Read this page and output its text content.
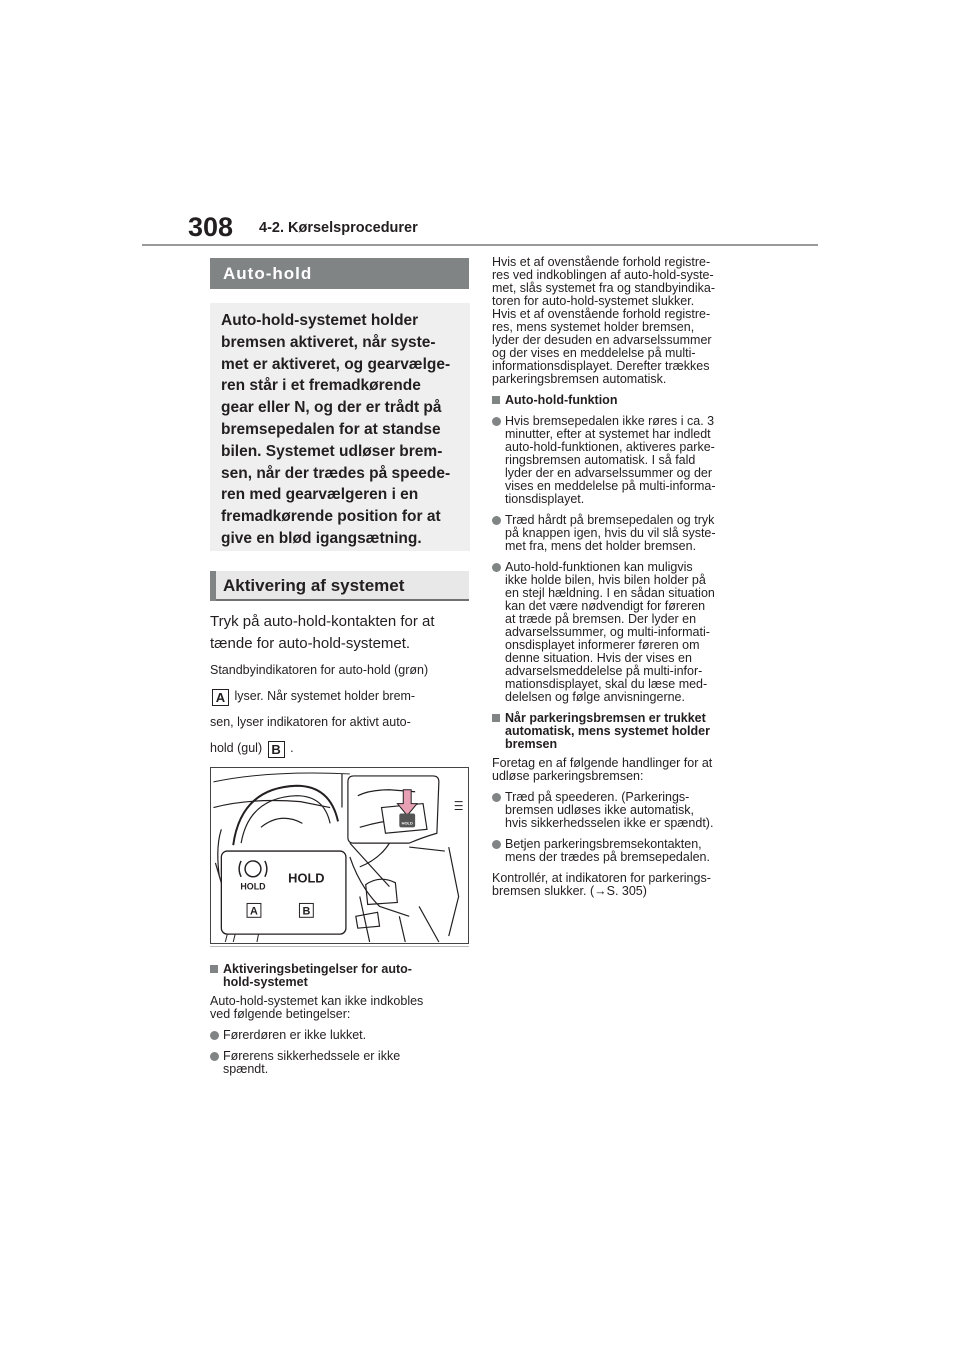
308 4-2. Kørselsprocedurer
Auto-hold
Auto-hold-systemet holder
bremsen aktiveret, når syste-
met er aktiveret, og gearvælge-
ren står i et fremadkørende
gear eller N, og der er trådt på
bremsepedalen for at standse
bilen. Systemet udløser brem-
sen, når der trædes på speede-
ren med gearvælgeren i en
fremadkørende position for at
give en blød igangsætning.
Aktivering af systemet
Tryk på auto-hold-kontakten for at
tænde for auto-hold-systemet.
Standbyindikatoren for auto-hold (grøn)
A lyser. Når systemet holder brem-
sen, lyser indikatoren for aktivt auto-
hold (gul) B .
HOLD
HOLD
HOLD
A	B
Aktiveringsbetingelser for auto-
hold-systemet
Auto-hold-systemet kan ikke indkobles
ved følgende betingelser:
Førerdøren er ikke lukket.
Førerens sikkerhedssele er ikke
spændt.
Hvis et af ovenstående forhold registre-
res ved indkoblingen af auto-hold-syste-
met, slås systemet fra og standbyindika-
toren for auto-hold-systemet slukker.
Hvis et af ovenstående forhold registre-
res, mens systemet holder bremsen,
lyder der desuden en advarselssummer
og der vises en meddelelse på multi-
informationsdisplayet. Derefter trækkes
parkeringsbremsen automatisk.
Auto-hold-funktion
Hvis bremsepedalen ikke røres i ca. 3
minutter, efter at systemet har indledt
auto-hold-funktionen, aktiveres parke-
ringsbremsen automatisk. I så fald
lyder der en advarselssummer og der
vises en meddelelse på multi-informa-
tionsdisplayet.
Træd hårdt på bremsepedalen og tryk
på knappen igen, hvis du vil slå syste-
met fra, mens det holder bremsen.
Auto-hold-funktionen kan muligvis
ikke holde bilen, hvis bilen holder på
en stejl hældning. I en sådan situation
kan det være nødvendigt for føreren
at træde på bremsen. Der lyder en
advarselssummer, og multi-informati-
onsdisplayet informerer føreren om
denne situation. Hvis der vises en
advarselsmeddelelse på multi-infor-
mationsdisplayet, skal du læse med-
delelsen og følge anvisningerne.
Når parkeringsbremsen er trukket
automatisk, mens systemet holder
bremsen
Foretag en af følgende handlinger for at
udløse parkeringsbremsen:
Træd på speederen. (Parkerings-
bremsen udløses ikke automatisk,
hvis sikkerhedsselen ikke er spændt).
Betjen parkeringsbremsekontakten,
mens der trædes på bremsepedalen.
Kontrollér, at indikatoren for parkerings-
bremsen slukker. (→S. 305)
